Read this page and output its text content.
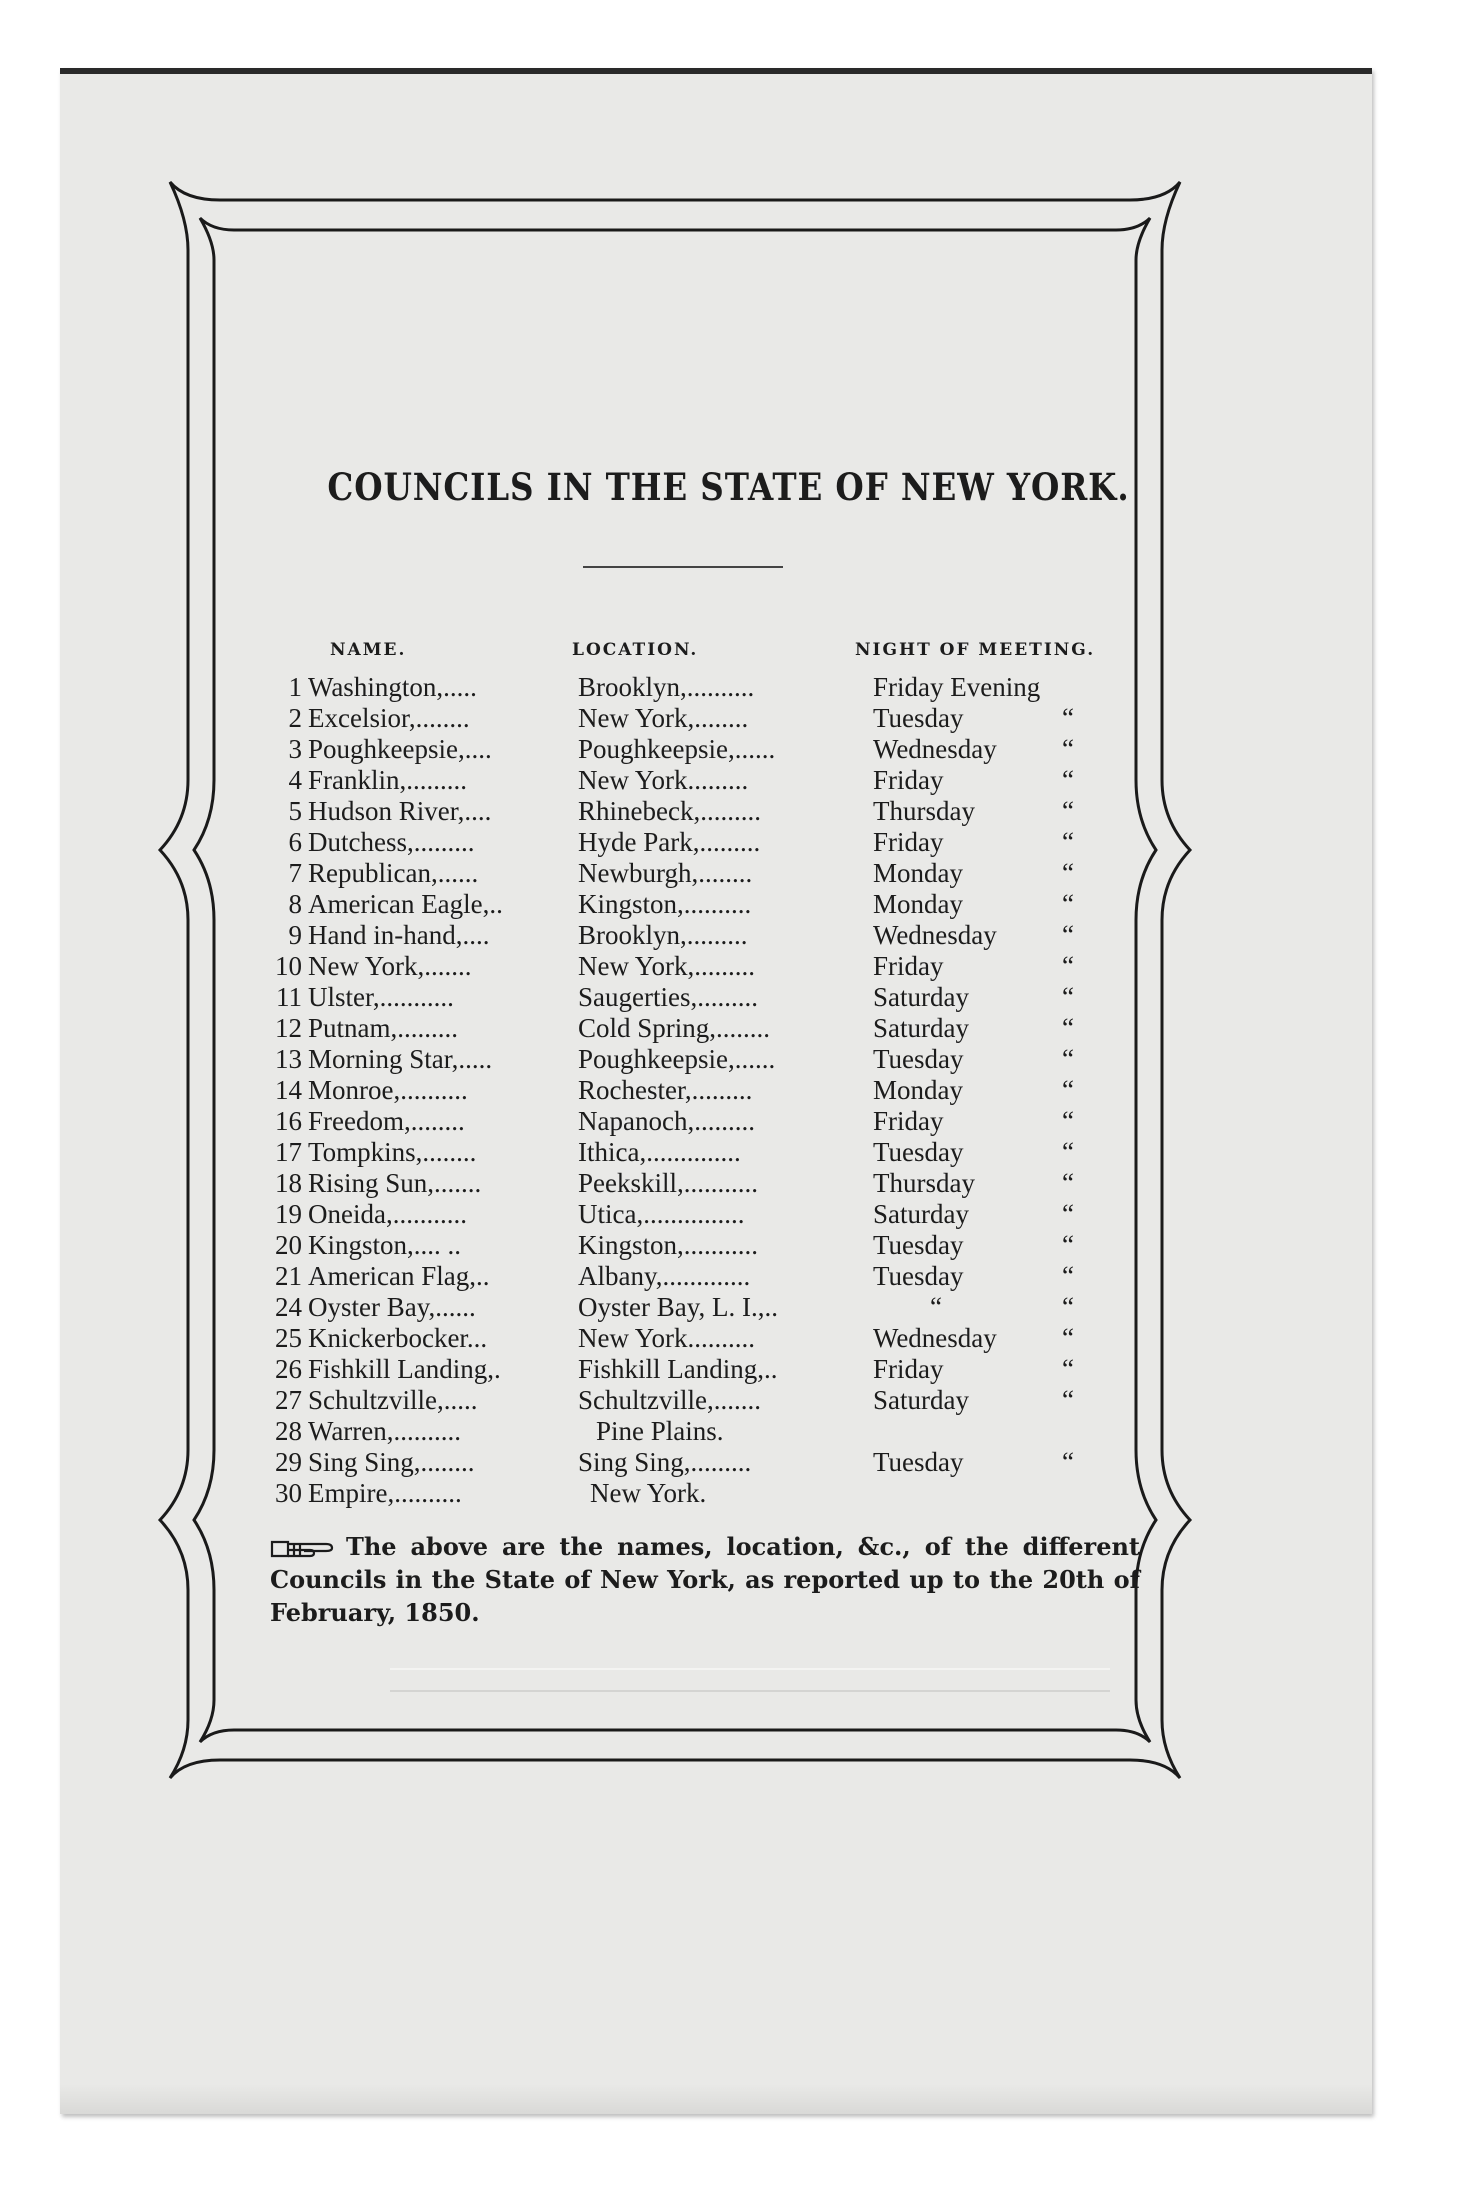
COUNCILS IN THE STATE OF NEW YORK.
NAME.	LOCATION.	NIGHT OF MEETING.
1 Washington,.....	Brooklyn,..........	Friday Evening
2 Excelsior,........	New York,........	Tuesday	“
3 Poughkeepsie,....	Poughkeepsie,......	Wednesday “
4 Franklin,.........	New York.........	Friday	“
5 Hudson River,....	Rhinebeck,.........	Thursday	“
6 Dutchess,.........	Hyde Park,.........	Friday	“
7 Republican,......	Newburgh,........	Monday	“
8 American Eagle,..	Kingston,..........	Monday	“
9 Hand in-hand,....	Brooklyn,.........	Wednesday “
10 New York,.......	New York,.........	Friday	“
11 Ulster,...........	Saugerties,.........	Saturday	“
12 Putnam,.........	Cold Spring,........	Saturday	“
13 Morning Star,.....	Poughkeepsie,......	Tuesday	“
14 Monroe,..........	Rochester,.........	Monday	“
16 Freedom,........	Napanoch,.........	Friday	“
17 Tompkins,........	Ithica,..............	Tuesday	“
18 Rising Sun,.......	Peekskill,...........	Thursday	“
19 Oneida,...........	Utica,...............	Saturday	“
20 Kingston,.... ..	Kingston,...........	Tuesday	“
21 American Flag,..	Albany,.............	Tuesday	“
24 Oyster Bay,......	Oyster Bay, L. I.,..	“	“
25 Knickerbocker...	New York..........	Wednesday “
26 Fishkill Landing,.	Fishkill Landing,..	Friday	“
27 Schultzville,.....	Schultzville,.......	Saturday	“
28 Warren,..........	Pine Plains.
29 Sing Sing,........	Sing Sing,.........	Tuesday	“
30 Empire,..........	New York.
The above are the names, location, &c., of the different Councils in the State of New York, as reported up to the 20th of February, 1850.
